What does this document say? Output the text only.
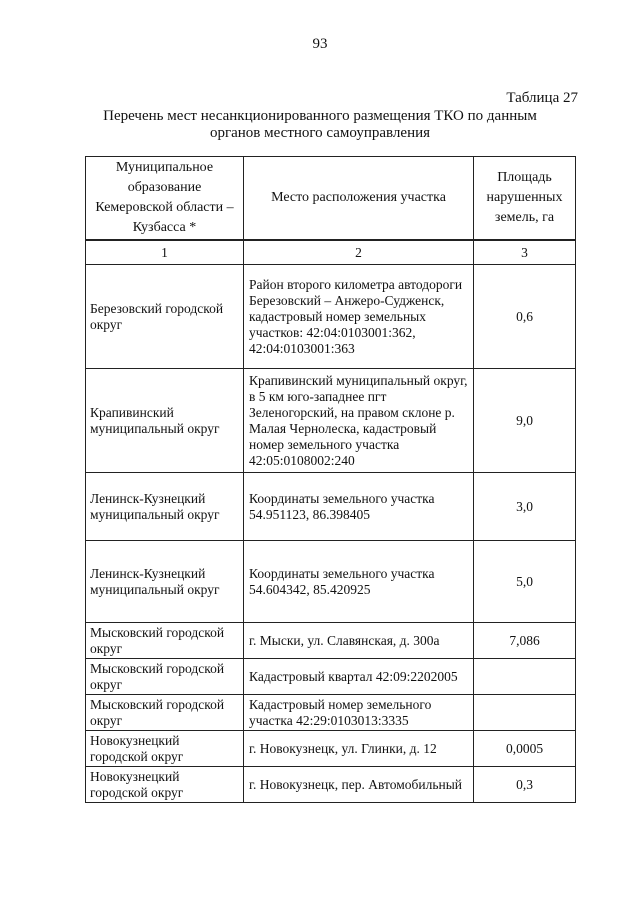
93
Таблица 27
Перечень мест несанкционированного размещения ТКО по данным органов местного самоуправления
Муниципальное образование Кемеровской области – Кузбасса *	Место расположения участка	Площадь нарушенных земель, га
1	2	3
Березовский городской округ	Район второго километра автодороги Березовский – Анжеро-Судженск, кадастровый номер земельных участков: 42:04:0103001:362, 42:04:0103001:363	0,6
Крапивинский муниципальный округ	Крапивинский муниципальный округ, в 5 км юго-западнее пгт Зеленогорский, на правом склоне р. Малая Чернолеска, кадастровый номер земельного участка 42:05:0108002:240	9,0
Ленинск-Кузнецкий муниципальный округ	Координаты земельного участка 54.951123, 86.398405	3,0
Ленинск-Кузнецкий муниципальный округ	Координаты земельного участка 54.604342, 85.420925	5,0
Мысковский городской округ	г. Мыски, ул. Славянская, д. 300а	7,086
Мысковский городской округ	Кадастровый квартал 42:09:2202005	
Мысковский городской округ	Кадастровый номер земельного участка 42:29:0103013:3335	
Новокузнецкий городской округ	г. Новокузнецк, ул. Глинки, д. 12	0,0005
Новокузнецкий городской округ	г. Новокузнецк, пер. Автомобильный	0,3
